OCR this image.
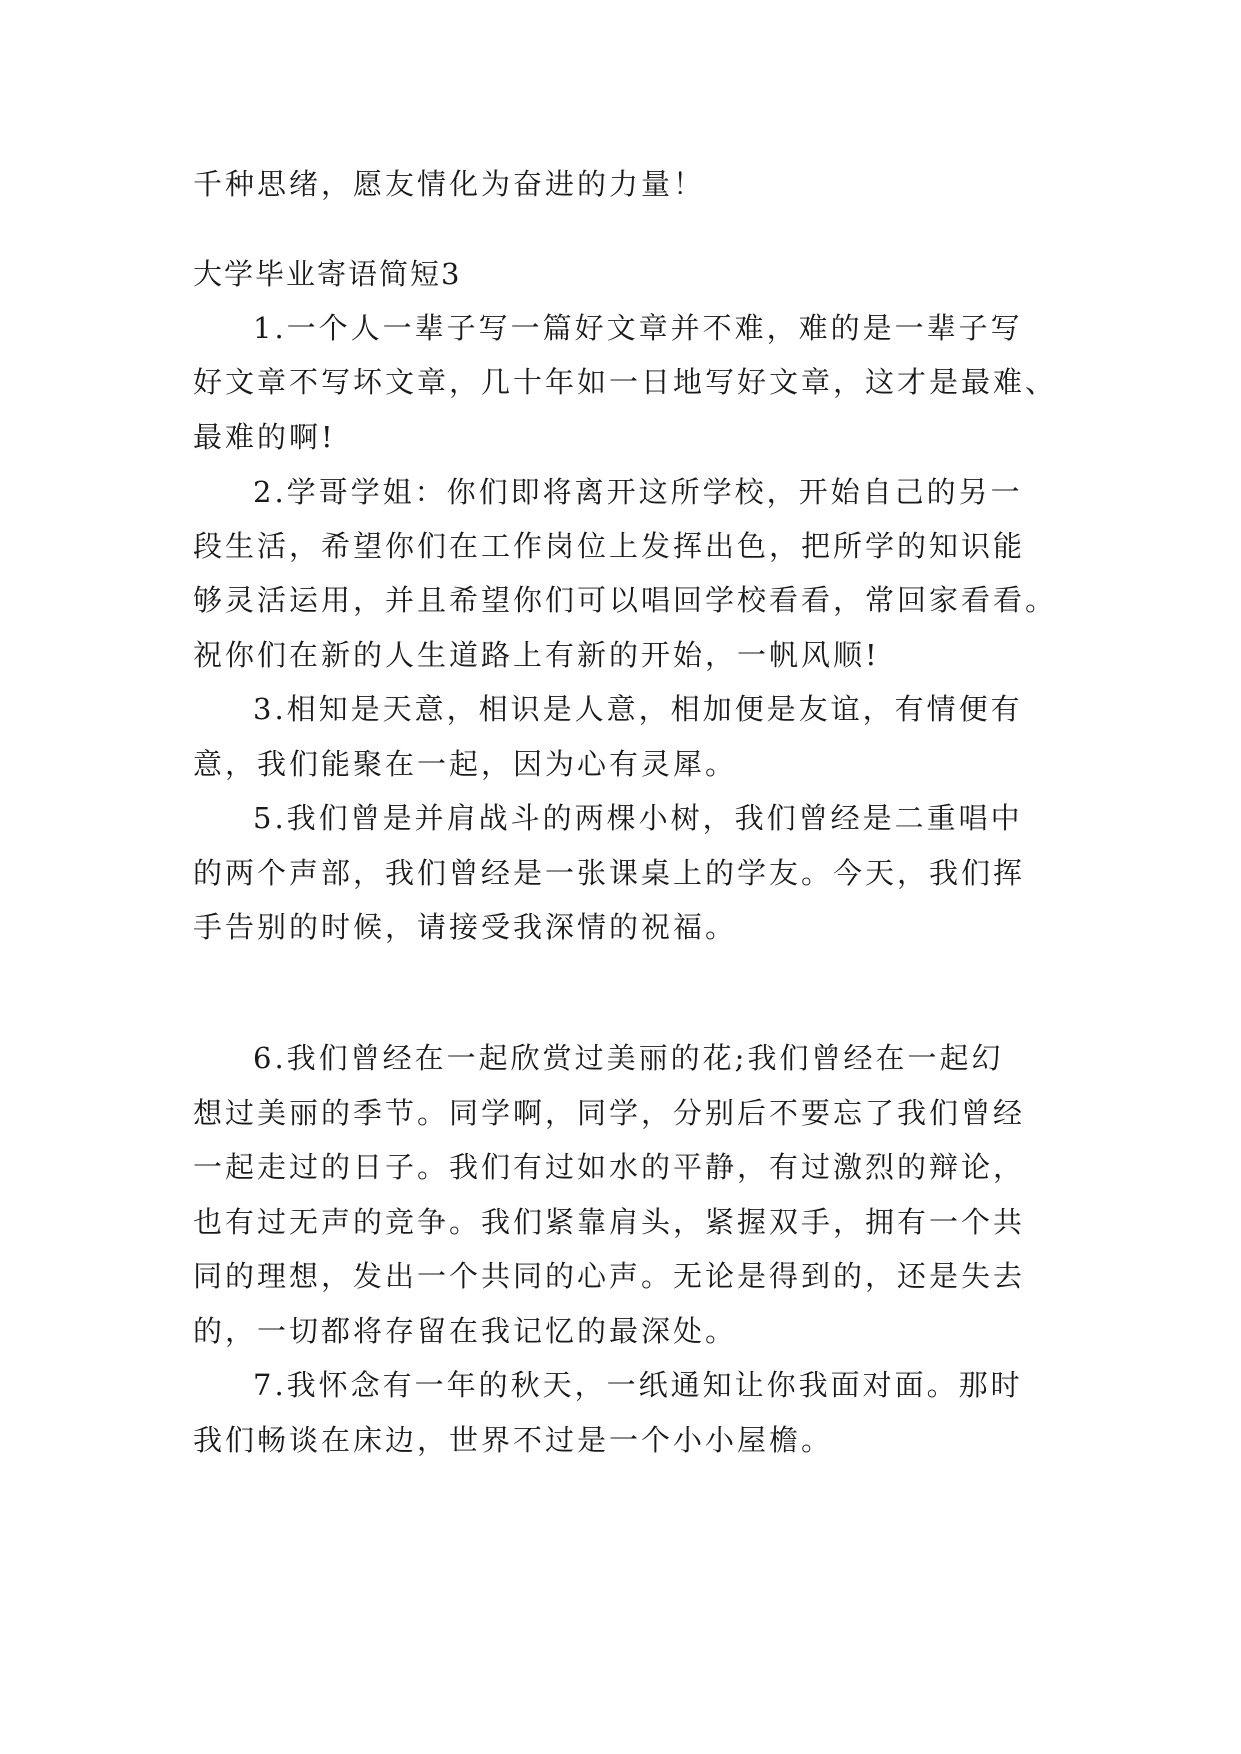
千种思绪，愿友情化为奋进的力量！
大学毕业寄语简短3
1.一个人一辈子写一篇好文章并不难，难的是一辈子写
好文章不写坏文章，几十年如一日地写好文章，这才是最难、
最难的啊!
2.学哥学姐：你们即将离开这所学校，开始自己的另一
段生活，希望你们在工作岗位上发挥出色，把所学的知识能
够灵活运用，并且希望你们可以唱回学校看看，常回家看看。
祝你们在新的人生道路上有新的开始，一帆风顺!
3.相知是天意，相识是人意，相加便是友谊，有情便有
意，我们能聚在一起，因为心有灵犀。
5.我们曾是并肩战斗的两棵小树，我们曾经是二重唱中
的两个声部，我们曾经是一张课桌上的学友。今天，我们挥
手告别的时候，请接受我深情的祝福。
6.我们曾经在一起欣赏过美丽的花;我们曾经在一起幻
想过美丽的季节。同学啊，同学，分别后不要忘了我们曾经
一起走过的日子。我们有过如水的平静，有过激烈的辩论，
也有过无声的竞争。我们紧靠肩头，紧握双手，拥有一个共
同的理想，发出一个共同的心声。无论是得到的，还是失去
的，一切都将存留在我记忆的最深处。
7.我怀念有一年的秋天，一纸通知让你我面对面。那时
我们畅谈在床边，世界不过是一个小小屋檐。
